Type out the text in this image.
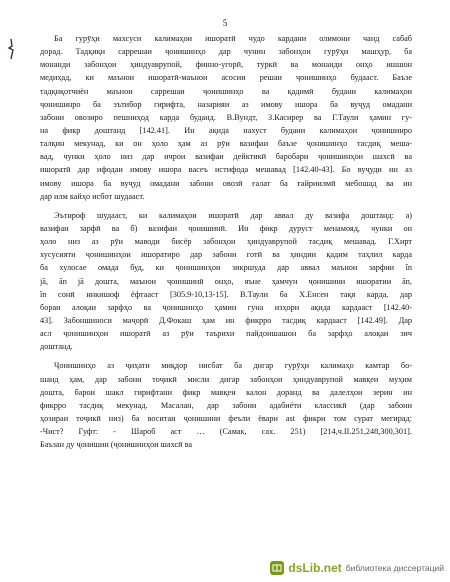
5
Ба гурӯҳи махсуси калимаҳои ишоратӣ чудо кардани олимони чанд сабаб
дорад. Тадқиқи саррешаи ҷонишинҳо дар чунин забонҳои гурӯҳи машҳур, ба
монанди забонҳои ҳиндуаврупой, финно-угорӣ, туркӣ ва монанди онҳо ишшон
медиҳад, ки маънои ишоратӣ-маънои асосии решаи ҷонишинҳо будааст. Баъзе
тадқиқотчиён маънои саррешаи ҷонишинҳо ва қадимӣ будани калимаҳои
ҷонишинро ба эътибор гирифта, назарияи аз имову ишора ба вуҷуд омадани
забони овозиро пешниҳод карда буданд. В.Вундт, З.Касирер ва Г.Таули ҳамин гу-
на фикр доштанд [142.41]. Ин ақида нахуст будани калимаҳои ҷонишинро
талқин мекунад, ки он ҳоло ҳам аз рӯи вазифаи баъзе ҷонишинҳо тасдиқ меша-
вад, чунки ҳоло низ дар ичрои вазифаи дейктикӣ баробари ҷонишинҳои шахсӣ ва
ишоратӣ дар ифодаи имову ишора васеъ истифода мешавад [142.40-43]. Бо вуҷуди ин аз
имову ишора ба вуҷуд омадани забони овозӣ ғалат ба ғайриилмӣ мебошад ва ин
дар илм кайҳо исбот шудааст.
Эътироф шудааст, ки калимаҳои ишоратӣ дар аввал ду вазифа доштанд: а)
вазифаи зарфӣ ва б) вазифаи ҷонишинӣ. Ин фикр дуруст менамояд, чунки он
ҳоло низ аз рӯи маводи бисёр забонҳои ҳиндуаврупой тасдиқ мешавад. Г.Хирт
хусусияти ҷонишинҳои ишоратиро дар забони готӣ ва ҳиндии қадим таҳлил карда
ба хулосае омада буд, ки ҷонишинҳои зикршуда дар аввал маънои зарфии în
jā, ān jā дошта, маънои ҷонишинӣ онҳо, яъне ҳамчун ҷонишини ишоратии ān,
în сонӣ инкишоф ёфтааст [305.9-10,13-15]. В.Таули ба Х.Енсен тақя карда, дар
бораи алоқаи зарфҳо ва ҷонишинҳо ҳамин гуна изҳори ақида кардааст [142.40-
43]. Забоншиноси маҷорӣ Д.Фокаш ҳам ин фикрро тасдиқ кардааст [142.49]. Дар
асл ҷонишинҳои ишоратӣ аз рӯи таърихи пайдоишашон ба зарфҳо алоқаи зич
доштанд.
Ҷонишинҳо аз ҷиҳати миқдор нисбат ба дигар гурӯҳи калимаҳо камтар бо-
шанд ҳам, дар забони тоҷикӣ мисли дигар забонҳои ҳиндуаврупой мавқеи муҳим
дошта, барои шакл гирифтани фикр мавқеи калон доранд ва далелҳои зерин ин
фикрро тасдиқ мекунад. Масалан, дар забони адабиёти классикӣ (дар забони
ҳозираи тоҷикӣ низ) ба воситаи ҷонишини феъли ёвари ast фикри том сурат мегирад:
-Чист? Гуфт: - Шароб аст … (Самак, сах. 251) [214,ч.II.251,248,300,301].
Баъзан ду ҷонишин (ҷонишинҳои шахсӣ ва
dsLib.net библиотека диссертаций
